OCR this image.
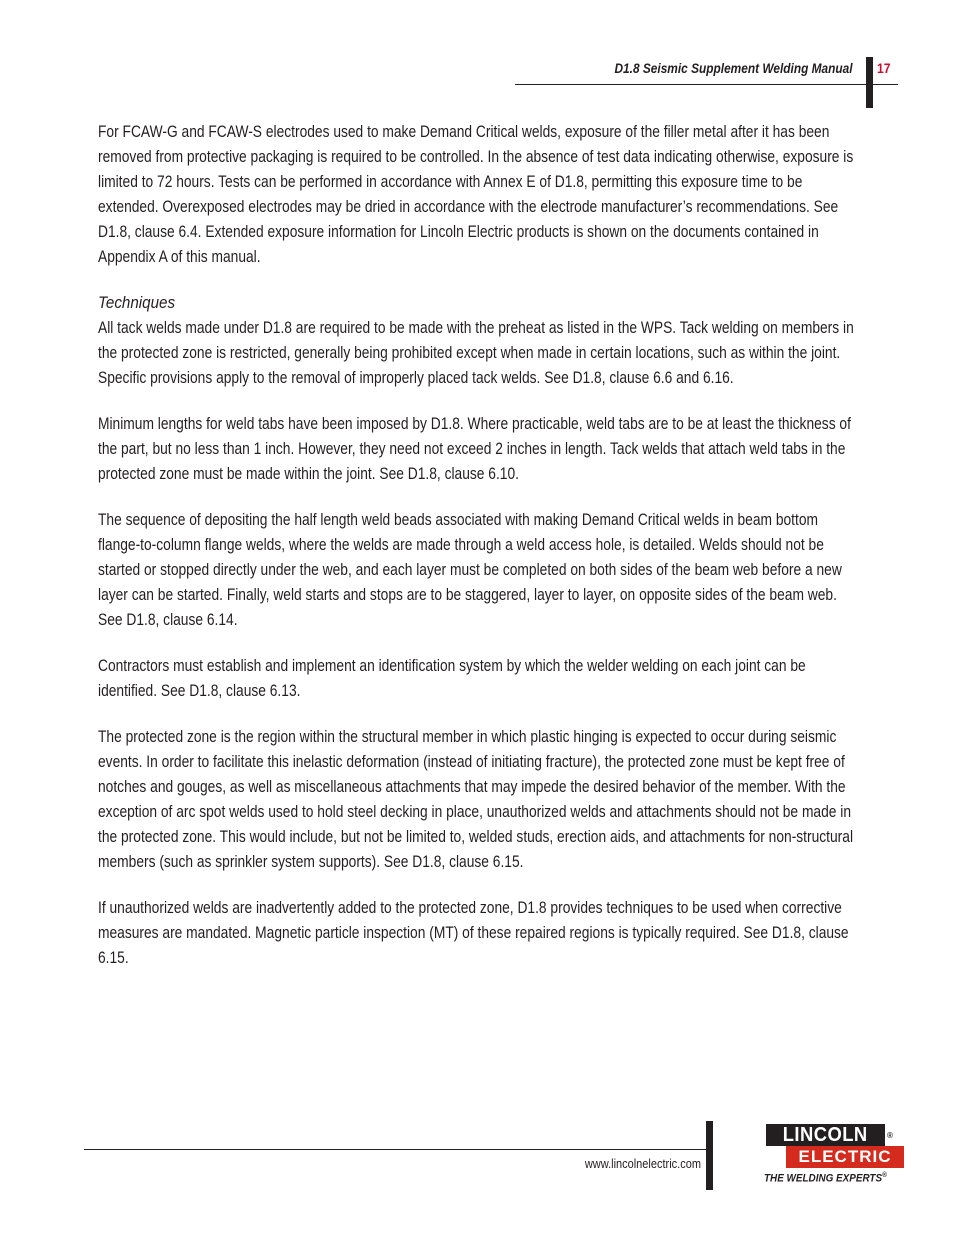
D1.8 Seismic Supplement Welding Manual 17

For FCAW-G and FCAW-S electrodes used to make Demand Critical welds, exposure of the filler metal after it has been removed from protective packaging is required to be controlled. In the absence of test data indicating otherwise, exposure is limited to 72 hours. Tests can be performed in accordance with Annex E of D1.8, permitting this exposure time to be extended. Overexposed electrodes may be dried in accordance with the electrode manufacturer’s recommendations. See D1.8, clause 6.4. Extended exposure information for Lincoln Electric products is shown on the documents contained in Appendix A of this manual.

Techniques

All tack welds made under D1.8 are required to be made with the preheat as listed in the WPS. Tack welding on members in the protected zone is restricted, generally being prohibited except when made in certain locations, such as within the joint. Specific provisions apply to the removal of improperly placed tack welds. See D1.8, clause 6.6 and 6.16.

Minimum lengths for weld tabs have been imposed by D1.8. Where practicable, weld tabs are to be at least the thickness of the part, but no less than 1 inch. However, they need not exceed 2 inches in length. Tack welds that attach weld tabs in the protected zone must be made within the joint. See D1.8, clause 6.10.

The sequence of depositing the half length weld beads associated with making Demand Critical welds in beam bottom flange-to-column flange welds, where the welds are made through a weld access hole, is detailed. Welds should not be started or stopped directly under the web, and each layer must be completed on both sides of the beam web before a new layer can be started. Finally, weld starts and stops are to be staggered, layer to layer, on opposite sides of the beam web. See D1.8, clause 6.14.

Contractors must establish and implement an identification system by which the welder welding on each joint can be identified. See D1.8, clause 6.13.

The protected zone is the region within the structural member in which plastic hinging is expected to occur during seismic events. In order to facilitate this inelastic deformation (instead of initiating fracture), the protected zone must be kept free of notches and gouges, as well as miscellaneous attachments that may impede the desired behavior of the member. With the exception of arc spot welds used to hold steel decking in place, unauthorized welds and attachments should not be made in the protected zone. This would include, but not be limited to, welded studs, erection aids, and attachments for non-structural members (such as sprinkler system supports). See D1.8, clause 6.15.

If unauthorized welds are inadvertently added to the protected zone, D1.8 provides techniques to be used when corrective measures are mandated. Magnetic particle inspection (MT) of these repaired regions is typically required. See D1.8, clause 6.15.

www.lincolnelectric.com
LINCOLN	®
ELECTRIC
THE WELDING EXPERTS®
